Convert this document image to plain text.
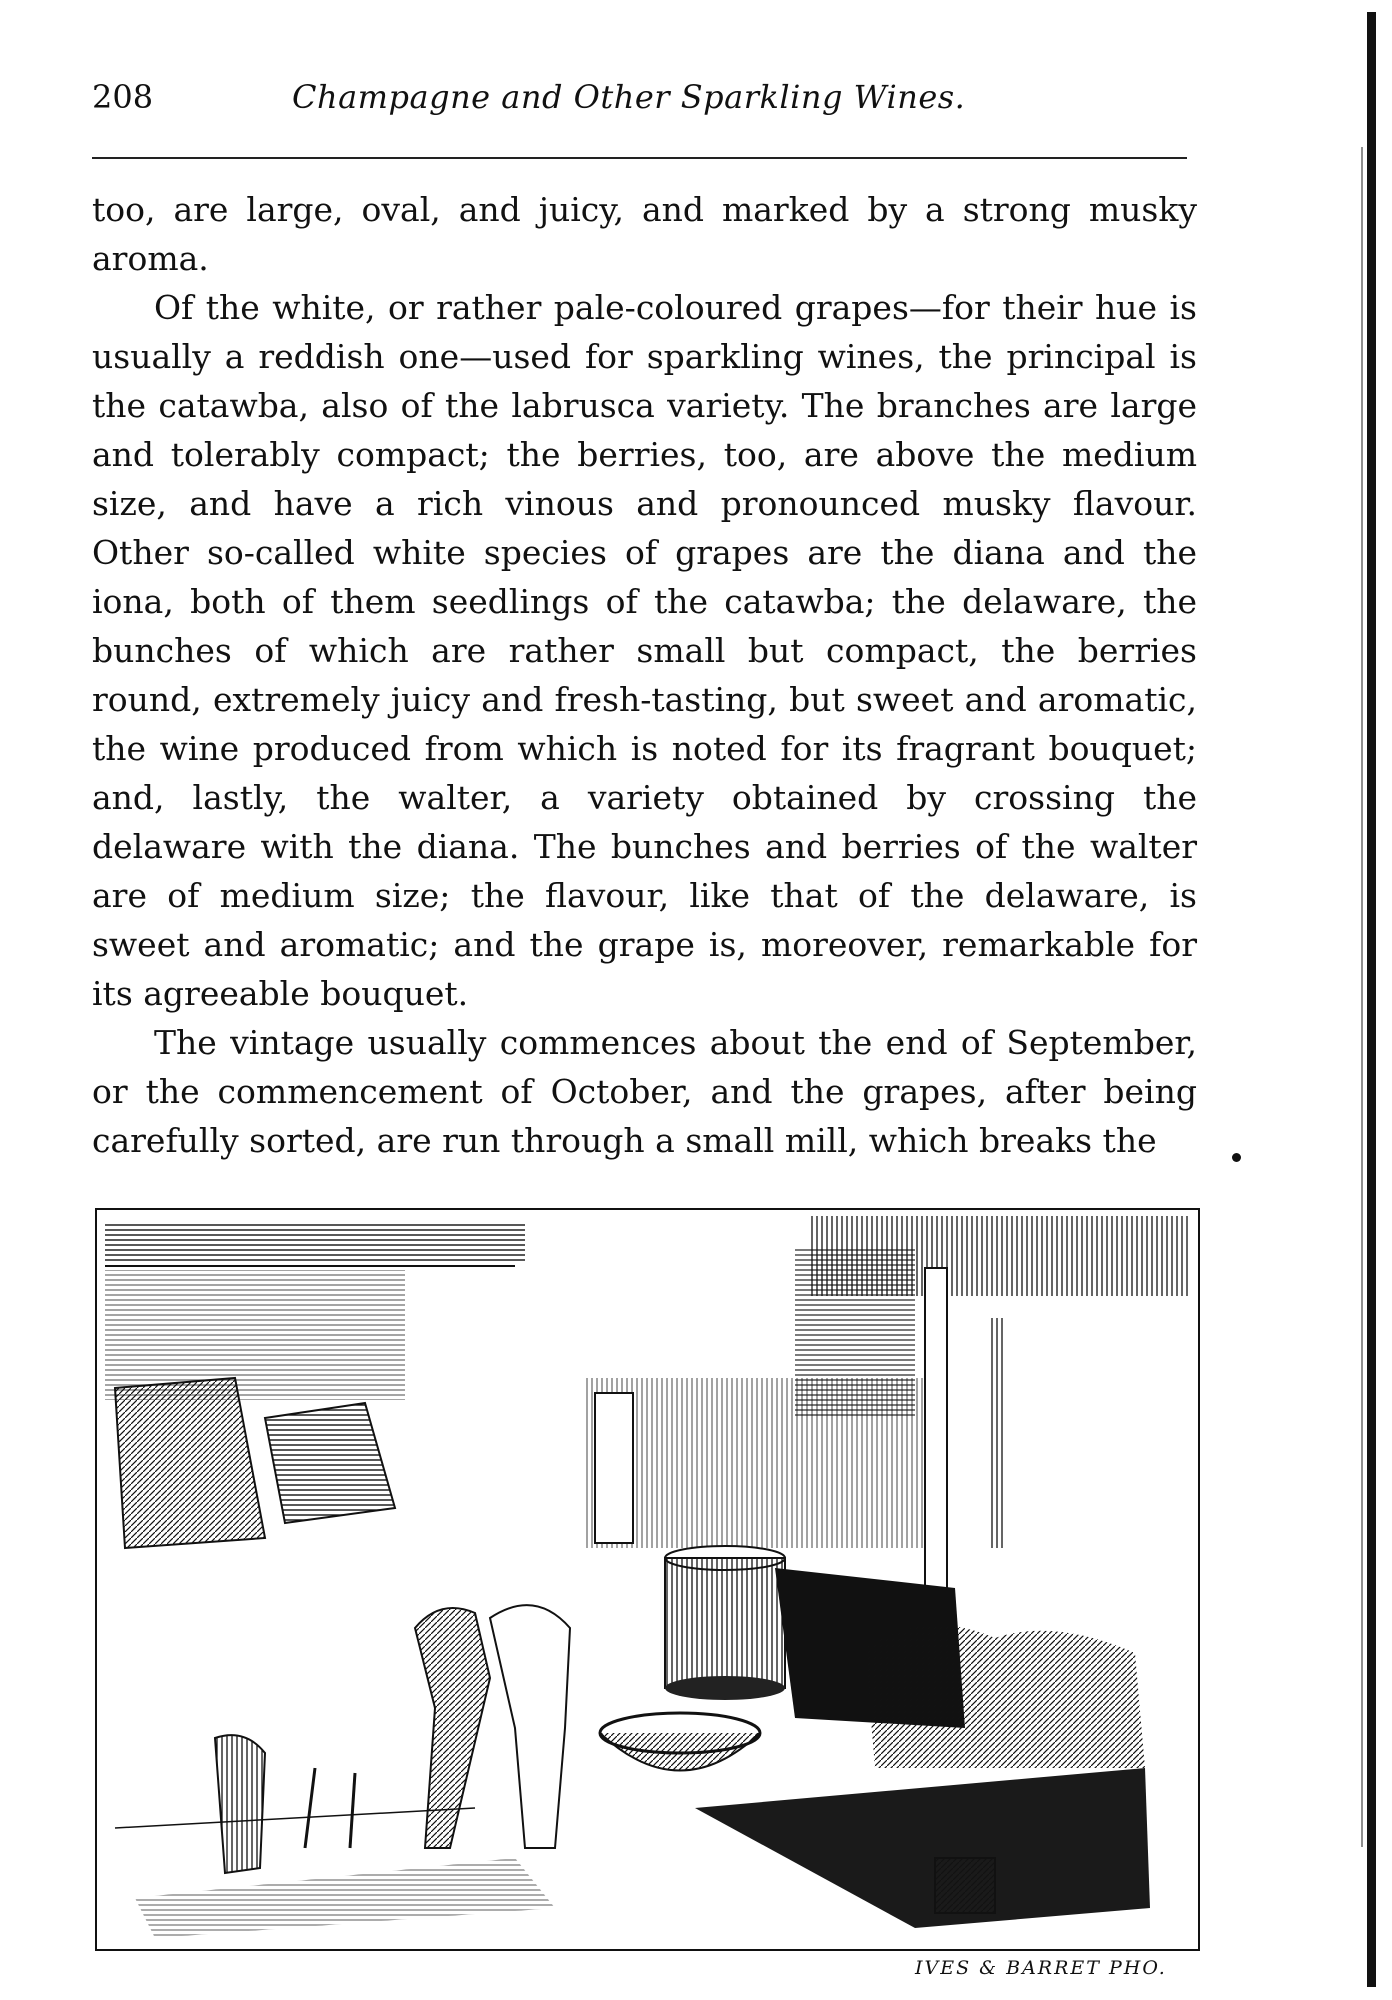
208	Champagne and Other Sparkling Wines.

too, are large, oval, and juicy, and marked by a strong musky aroma.

Of the white, or rather pale-coloured grapes—for their hue is usually a reddish one—used for sparkling wines, the principal is the catawba, also of the labrusca variety. The branches are large and tolerably compact; the berries, too, are above the medium size, and have a rich vinous and pronounced musky flavour. Other so-called white species of grapes are the diana and the iona, both of them seedlings of the catawba; the delaware, the bunches of which are rather small but compact, the berries round, extremely juicy and fresh-tasting, but sweet and aromatic, the wine produced from which is noted for its fragrant bouquet; and, lastly, the walter, a variety obtained by crossing the delaware with the diana. The bunches and berries of the walter are of medium size; the flavour, like that of the delaware, is sweet and aromatic; and the grape is, moreover, remarkable for its agreeable bouquet.

The vintage usually commences about the end of September, or the commencement of October, and the grapes, after being carefully sorted, are run through a small mill, which breaks the

IVES & BARRET PHO.
